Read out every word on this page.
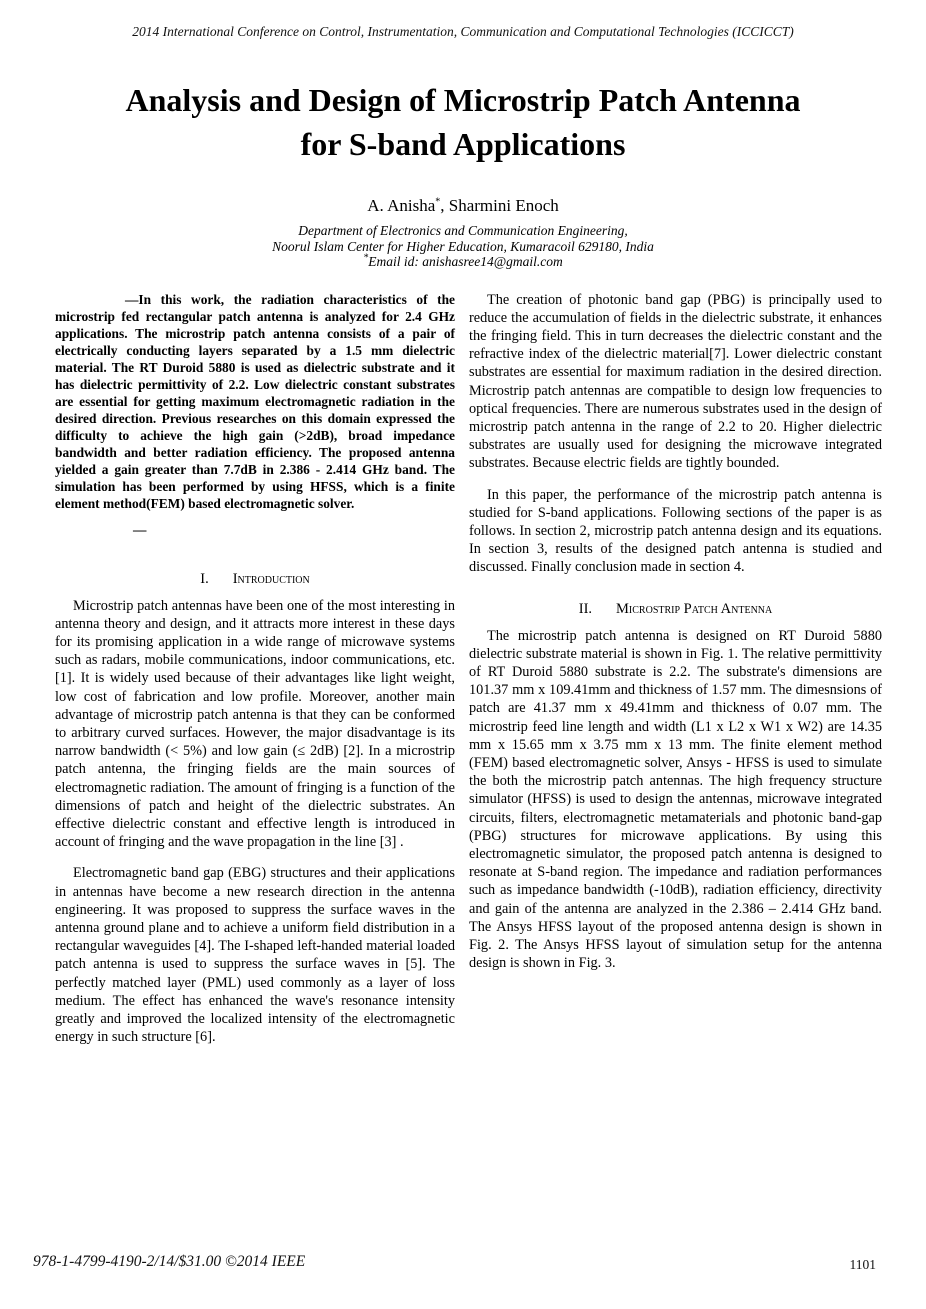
2014 International Conference on Control, Instrumentation, Communication and Computational Technologies (ICCICCT)
Analysis and Design of Microstrip Patch Antenna
for S-band Applications
A. Anisha*, Sharmini Enoch
Department of Electronics and Communication Engineering,
Noorul Islam Center for Higher Education, Kumaracoil 629180, India
*Email id: anishasree14@gmail.com
—In this work, the radiation characteristics of the microstrip fed rectangular patch antenna is analyzed for 2.4 GHz applications. The microstrip patch antenna consists of a pair of electrically conducting layers separated by a 1.5 mm dielectric material. The RT Duroid 5880 is used as dielectric substrate and it has dielectric permittivity of 2.2. Low dielectric constant substrates are essential for getting maximum electromagnetic radiation in the desired direction. Previous researches on this domain expressed the difficulty to achieve the high gain (>2dB), broad impedance bandwidth and better radiation efficiency. The proposed antenna yielded a gain greater than 7.7dB in 2.386 - 2.414 GHz band. The simulation has been performed by using HFSS, which is a finite element method(FEM) based electromagnetic solver.
—
I. Introduction
Microstrip patch antennas have been one of the most interesting in antenna theory and design, and it attracts more interest in these days for its promising application in a wide range of microwave systems such as radars, mobile communications, indoor communications, etc. [1]. It is widely used because of their advantages like light weight, low cost of fabrication and low profile. Moreover, another main advantage of microstrip patch antenna is that they can be conformed to arbitrary curved surfaces. However, the major disadvantage is its narrow bandwidth (< 5%) and low gain (≤ 2dB) [2]. In a microstrip patch antenna, the fringing fields are the main sources of electromagnetic radiation. The amount of fringing is a function of the dimensions of patch and height of the dielectric substrates. An effective dielectric constant and effective length is introduced in account of fringing and the wave propagation in the line [3] .
Electromagnetic band gap (EBG) structures and their applications in antennas have become a new research direction in the antenna engineering. It was proposed to suppress the surface waves in the antenna ground plane and to achieve a uniform field distribution in a rectangular waveguides [4]. The I-shaped left-handed material loaded patch antenna is used to suppress the surface waves in [5]. The perfectly matched layer (PML) used commonly as a layer of loss medium. The effect has enhanced the wave's resonance intensity greatly and improved the localized intensity of the electromagnetic energy in such structure [6].
The creation of photonic band gap (PBG) is principally used to reduce the accumulation of fields in the dielectric substrate, it enhances the fringing field. This in turn decreases the dielectric constant and the refractive index of the dielectric material[7]. Lower dielectric constant substrates are essential for maximum radiation in the desired direction. Microstrip patch antennas are compatible to design low frequencies to optical frequencies. There are numerous substrates used in the design of microstrip patch antenna in the range of 2.2 to 20. Higher dielectric substrates are usually used for designing the microwave integrated substrates. Because electric fields are tightly bounded.
In this paper, the performance of the microstrip patch antenna is studied for S-band applications. Following sections of the paper is as follows. In section 2, microstrip patch antenna design and its equations. In section 3, results of the designed patch antenna is studied and discussed. Finally conclusion made in section 4.
II. Microstrip Patch Antenna
The microstrip patch antenna is designed on RT Duroid 5880 dielectric substrate material is shown in Fig. 1. The relative permittivity of RT Duroid 5880 substrate is 2.2. The substrate's dimensions are 101.37 mm x 109.41mm and thickness of 1.57 mm. The dimesnsions of patch are 41.37 mm x 49.41mm and thickness of 0.07 mm. The microstrip feed line length and width (L1 x L2 x W1 x W2) are 14.35 mm x 15.65 mm x 3.75 mm x 13 mm. The finite element method (FEM) based electromagnetic solver, Ansys - HFSS is used to simulate the both the microstrip patch antennas. The high frequency structure simulator (HFSS) is used to design the antennas, microwave integrated circuits, filters, electromagnetic metamaterials and photonic band-gap (PBG) structures for microwave applications. By using this electromagnetic simulator, the proposed patch antenna is designed to resonate at S-band region. The impedance and radiation performances such as impedance bandwidth (-10dB), radiation efficiency, directivity and gain of the antenna are analyzed in the 2.386 – 2.414 GHz band. The Ansys HFSS layout of the proposed antenna design is shown in Fig. 2. The Ansys HFSS layout of simulation setup for the antenna design is shown in Fig. 3.
978-1-4799-4190-2/14/$31.00 ©2014 IEEE	1101
